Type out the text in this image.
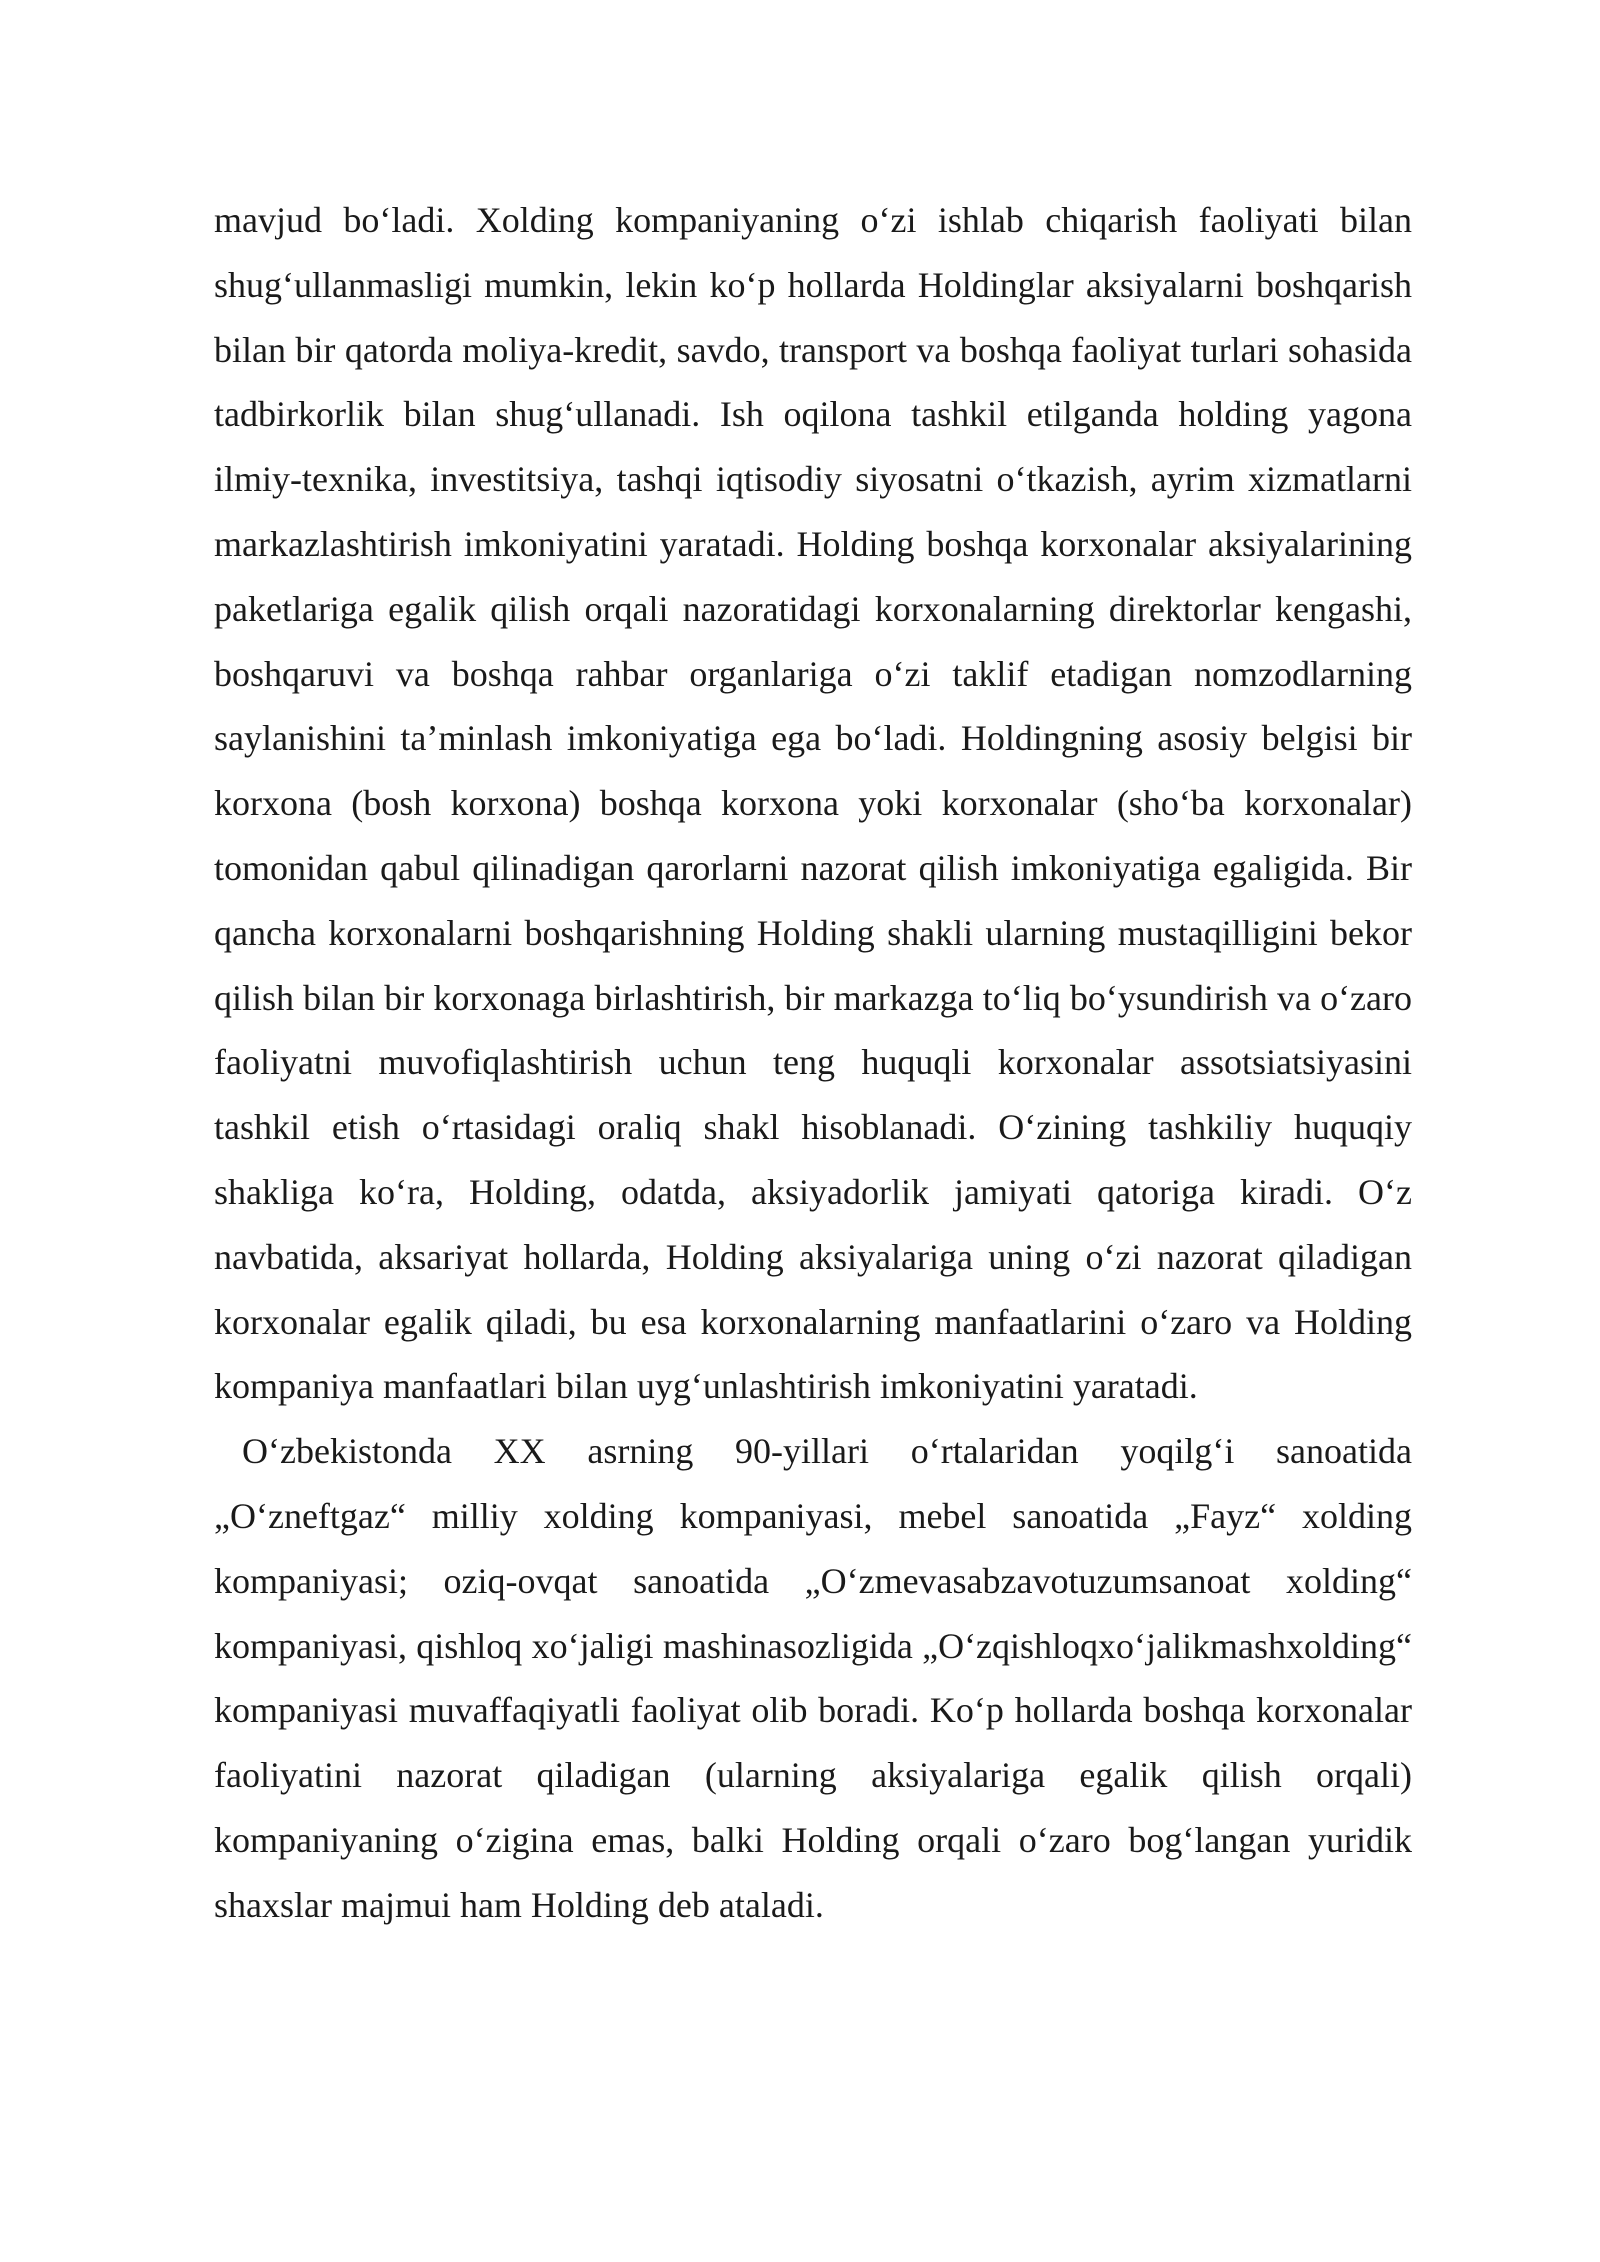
mavjud boʻladi. Xolding kompaniyaning oʻzi ishlab chiqarish faoliyati bilan shugʻullanmasligi mumkin, lekin koʻp hollarda Holdinglar aksiyalarni boshqarish bilan bir qatorda moliya-kredit, savdo, transport va boshqa faoliyat turlari sohasida tadbirkorlik bilan shugʻullanadi. Ish oqilona tashkil etilganda holding yagona ilmiy-texnika, investitsiya, tashqi iqtisodiy siyosatni oʻtkazish, ayrim xizmatlarni markazlashtirish imkoniyatini yaratadi. Holding boshqa korxonalar aksiyalarining paketlariga egalik qilish orqali nazoratidagi korxonalarning direktorlar kengashi, boshqaruvi va boshqa rahbar organlariga oʻzi taklif etadigan nomzodlarning saylanishini taʼminlash imkoniyatiga ega boʻladi. Holdingning asosiy belgisi bir korxona (bosh korxona) boshqa korxona yoki korxonalar (shoʻba korxonalar) tomonidan qabul qilinadigan qarorlarni nazorat qilish imkoniyatiga egaligida. Bir qancha korxonalarni boshqarishning Holding shakli ularning mustaqilligini bekor qilish bilan bir korxonaga birlashtirish, bir markazga toʻliq boʻysundirish va oʻzaro faoliyatni muvofiqlashtirish uchun teng huquqli korxonalar assotsiatsiyasini tashkil etish oʻrtasidagi oraliq shakl hisoblanadi. Oʻzining tashkiliy huquqiy shakliga koʻra, Holding, odatda, aksiyadorlik jamiyati qatoriga kiradi. Oʻz navbatida, aksariyat hollarda, Holding aksiyalariga uning oʻzi nazorat qiladigan korxonalar egalik qiladi, bu esa korxonalarning manfaatlarini oʻzaro va Holding kompaniya manfaatlari bilan uygʻunlashtirish imkoniyatini yaratadi.

Oʻzbekistonda XX asrning 90-yillari oʻrtalaridan yoqilgʻi sanoatida „Oʻzneftgaz“ milliy xolding kompaniyasi, mebel sanoatida „Fayz“ xolding kompaniyasi; oziq-ovqat sanoatida „Oʻzmevasabzavotuzumsanoat xolding“ kompaniyasi, qishloq xoʻjaligi mashinasozligida „Oʻzqishloqxoʻjalikmashxolding“ kompaniyasi muvaffaqiyatli faoliyat olib boradi. Koʻp hollarda boshqa korxonalar faoliyatini nazorat qiladigan (ularning aksiyalariga egalik qilish orqali) kompaniyaning oʻzigina emas, balki Holding orqali oʻzaro bogʻlangan yuridik shaxslar majmui ham Holding deb ataladi.
